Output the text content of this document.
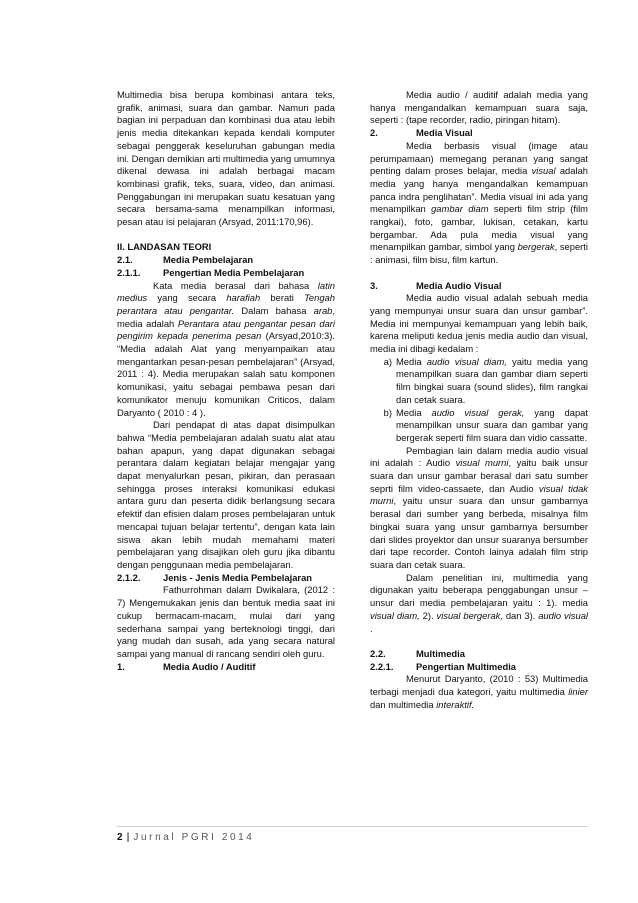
Multimedia bisa berupa kombinasi antara teks, grafik, animasi, suara dan gambar. Namun pada bagian ini perpaduan dan kombinasi dua atau lebih jenis media ditekankan kepada kendali komputer sebagai penggerak keseluruhan gabungan media ini. Dengan demikian arti multimedia yang umumnya dikenal dewasa ini adalah berbagai macam kombinasi grafik, teks, suara, video, dan animasi. Penggabungan ini merupakan suatu kesatuan yang secara bersama-sama menampilkan informasi, pesan atau isi pelajaran (Arsyad, 2011:170,96).

II. LANDASAN TEORI

2.1.	Media Pembelajaran
2.1.1.	Pengertian Media Pembelajaran

Kata media berasal dari bahasa latin medius yang secara harafiah berati Tengah perantara atau pengantar. Dalam bahasa arab, media adalah Perantara atau pengantar pesan dari pengirim kepada penerima pesan (Arsyad,2010:3). “Media adalah Alat yang menyampaikan atau mengantarkan pesan-pesan pembelajaran” (Arsyad, 2011 : 4). Media merupakan salah satu komponen komunikasi, yaitu sebagai pembawa pesan dari komunikator menuju komunikan Criticos, dalam Daryanto ( 2010 : 4 ).

Dari pendapat di atas dapat disimpulkan bahwa “Media pembelajaran adalah suatu alat atau bahan apapun, yang dapat digunakan sebagai perantara dalam kegiatan belajar mengajar yang dapat menyalurkan pesan, pikiran, dan perasaan sehingga proses interaksi komunikasi edukasi antara guru dan peserta didik berlangsung secara efektif dan efisien dalam proses pembelajaran untuk mencapai tujuan belajar tertentu”, dengan kata lain siswa akan lebih mudah memahami materi pembelajaran yang disajikan oleh guru jika dibantu dengan penggunaan media pembelajaran.

2.1.2.	Jenis - Jenis Media Pembelajaran

Fathurrohman dalam Dwikalara, (2012 : 7) Mengemukakan jenis dan bentuk media saat ini cukup bermacam-macam, mulai dari yang sederhana sampai yang berteknologi tinggi, dari yang mudah dan susah, ada yang secara natural sampai yang manual di rancang sendiri oleh guru.

1.	Media Audio / Auditif

Media audio / auditif adalah media yang hanya mengandalkan kemampuan suara saja, seperti : (tape recorder, radio, piringan hitam).

2.	Media Visual

Media berbasis visual (image atau perumpamaan) memegang peranan yang sangat penting dalam proses belajar, media visual adalah media yang hanya mengandalkan kemampuan panca indra penglihatan”. Media visual ini ada yang menampilkan gambar diam seperti film strip (film rangkai), foto, gambar, lukisan, cetakan, kartu bergambar. Ada pula media visual yang menampilkan gambar, simbol yang bergerak, seperti : animasi, film bisu, film kartun.

3.	Media Audio Visual

Media audio visual adalah sebuah media yang mempunyai unsur suara dan unsur gambar”. Media ini mempunyai kemampuan yang lebih baik, karena meliputi kedua jenis media audio dan visual, media ini dibagi kedalam :

a) Media audio visual diam, yaitu media yang menampilkan suara dan gambar diam seperti film bingkai suara (sound slides), film rangkai dan cetak suara.
b) Media audio visual gerak, yang dapat menampilkan unsur suara dan gambar yang bergerak seperti film suara dan vidio cassatte.

Pembagian lain dalam media audio visual ini adalah : Audio visual murni, yaitu baik unsur suara dan unsur gambar berasal dari satu sumber seprti film video-cassaete, dan Audio visual tidak murni, yaitu unsur suara dan unsur gambarnya berasal dari sumber yang berbeda, misalnya film bingkai suara yang unsur gambarnya bersumber dari slides proyektor dan unsur suaranya bersumber dari tape recorder. Contoh lainya adalah film strip suara dan cetak suara.

Dalam penelitian ini, multimedia yang digunakan yaitu beberapa penggabungan unsur – unsur dari media pembelajaran yaitu : 1). media visual diam, 2). visual bergerak, dan 3). audio visual .

2.2.	Multimedia
2.2.1.	Pengertian Multimedia

Menurut Daryanto, (2010 : 53) Multimedia terbagi menjadi dua kategori, yaitu multimedia linier dan multimedia interaktif.

2 | Jurnal PGRI 2014
